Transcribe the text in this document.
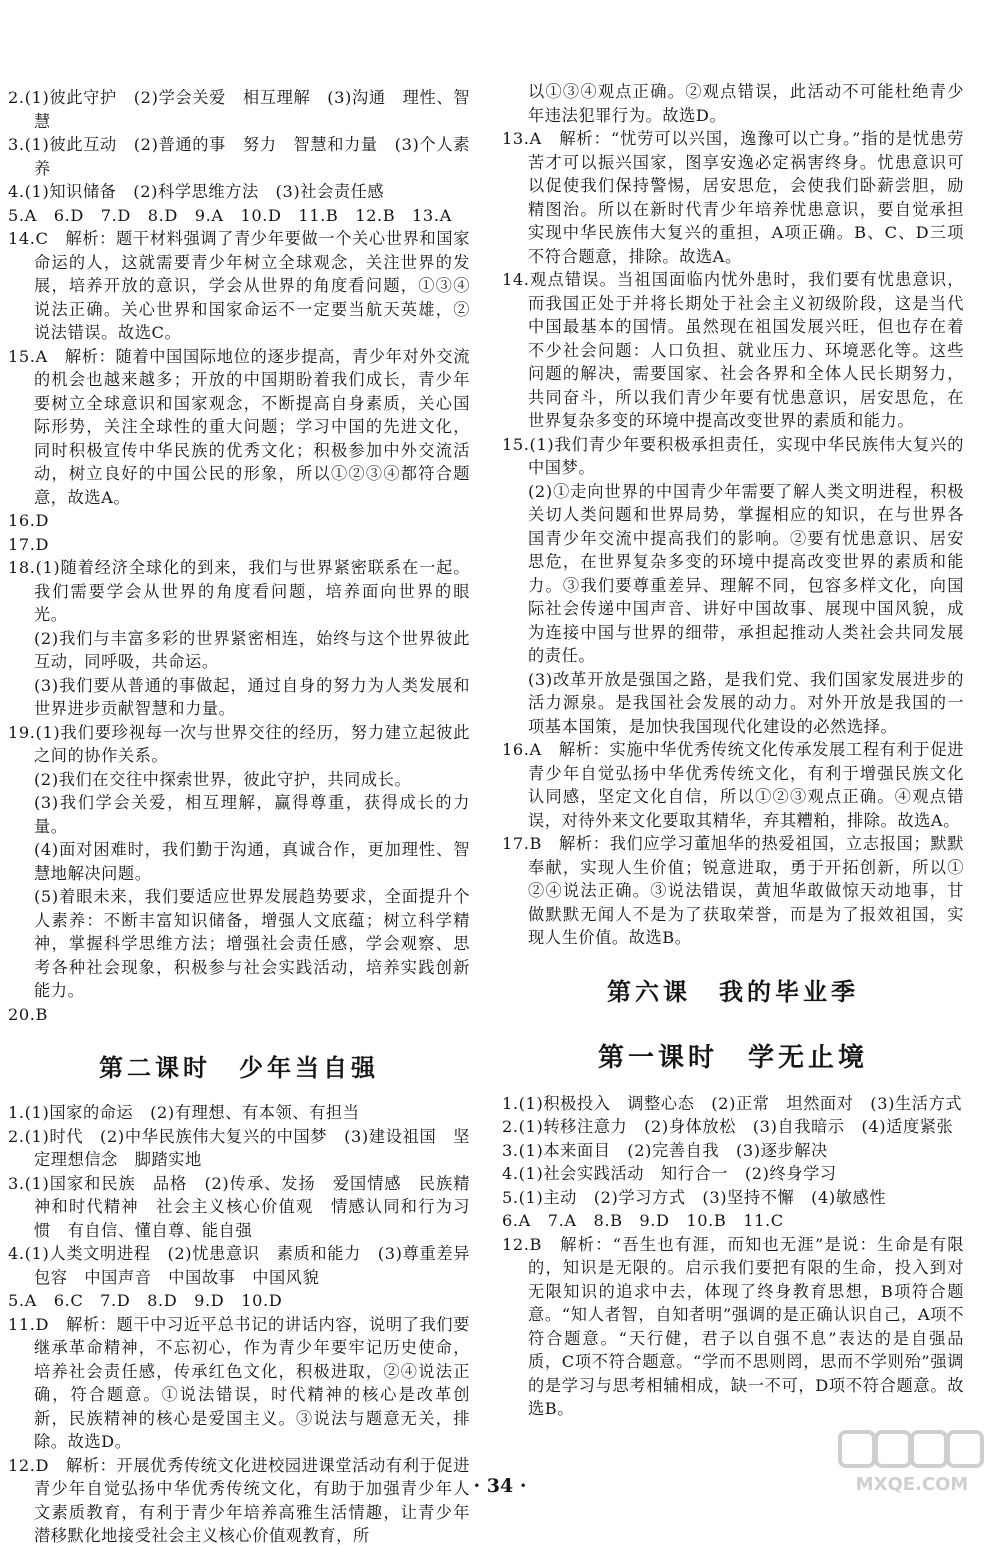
2.(1)彼此守护　(2)学会关爱　相互理解　(3)沟通　理性、智慧
3.(1)彼此互动　(2)普通的事　努力　智慧和力量　(3)个人素养
4.(1)知识储备　(2)科学思维方法　(3)社会责任感
5.A　6.D　7.D　8.D　9.A　10.D　11.B　12.B　13.A
14.C　解析：题干材料强调了青少年要做一个关心世界和国家命运的人，这就需要青少年树立全球观念，关注世界的发展，培养开放的意识，学会从世界的角度看问题，①③④说法正确。关心世界和国家命运不一定要当航天英雄，②说法错误。故选C。
15.A　解析：随着中国国际地位的逐步提高，青少年对外交流的机会也越来越多；开放的中国期盼着我们成长，青少年要树立全球意识和国家观念，不断提高自身素质，关心国际形势，关注全球性的重大问题；学习中国的先进文化，同时积极宣传中华民族的优秀文化；积极参加中外交流活动，树立良好的中国公民的形象，所以①②③④都符合题意，故选A。
16.D
17.D
18.(1)随着经济全球化的到来，我们与世界紧密联系在一起。我们需要学会从世界的角度看问题，培养面向世界的眼光。
(2)我们与丰富多彩的世界紧密相连，始终与这个世界彼此互动，同呼吸，共命运。
(3)我们要从普通的事做起，通过自身的努力为人类发展和世界进步贡献智慧和力量。
19.(1)我们要珍视每一次与世界交往的经历，努力建立起彼此之间的协作关系。
(2)我们在交往中探索世界，彼此守护，共同成长。
(3)我们学会关爱，相互理解，赢得尊重，获得成长的力量。
(4)面对困难时，我们勤于沟通，真诚合作，更加理性、智慧地解决问题。
(5)着眼未来，我们要适应世界发展趋势要求，全面提升个人素养：不断丰富知识储备，增强人文底蕴；树立科学精神，掌握科学思维方法；增强社会责任感，学会观察、思考各种社会现象，积极参与社会实践活动，培养实践创新能力。
20.B
第二课时　少年当自强
1.(1)国家的命运　(2)有理想、有本领、有担当
2.(1)时代　(2)中华民族伟大复兴的中国梦　(3)建设祖国　坚定理想信念　脚踏实地
3.(1)国家和民族　品格　(2)传承、发扬　爱国情感　民族精神和时代精神　社会主义核心价值观　情感认同和行为习惯　有自信、懂自尊、能自强
4.(1)人类文明进程　(2)忧患意识　素质和能力　(3)尊重差异　包容　中国声音　中国故事　中国风貌
5.A　6.C　7.D　8.D　9.D　10.D
11.D　解析：题干中习近平总书记的讲话内容，说明了我们要继承革命精神，不忘初心，作为青少年要牢记历史使命，培养社会责任感，传承红色文化，积极进取，②④说法正确，符合题意。①说法错误，时代精神的核心是改革创新，民族精神的核心是爱国主义。③说法与题意无关，排除。故选D。
12.D　解析：开展优秀传统文化进校园进课堂活动有利于促进青少年自觉弘扬中华优秀传统文化，有助于加强青少年人文素质教育，有利于青少年培养高雅生活情趣，让青少年潜移默化地接受社会主义核心价值观教育，所
以①③④观点正确。②观点错误，此活动不可能杜绝青少年违法犯罪行为。故选D。
13.A　解析：“忧劳可以兴国，逸豫可以亡身。”指的是忧患劳苦才可以振兴国家，图享安逸必定祸害终身。忧患意识可以促使我们保持警惕，居安思危，会使我们卧薪尝胆，励精图治。所以在新时代青少年培养忧患意识，要自觉承担实现中华民族伟大复兴的重担，A项正确。B、C、D三项不符合题意，排除。故选A。
14.观点错误。当祖国面临内忧外患时，我们要有忧患意识，而我国正处于并将长期处于社会主义初级阶段，这是当代中国最基本的国情。虽然现在祖国发展兴旺，但也存在着不少社会问题：人口负担、就业压力、环境恶化等。这些问题的解决，需要国家、社会各界和全体人民长期努力，共同奋斗，所以我们青少年要有忧患意识，居安思危，在世界复杂多变的环境中提高改变世界的素质和能力。
15.(1)我们青少年要积极承担责任，实现中华民族伟大复兴的中国梦。
(2)①走向世界的中国青少年需要了解人类文明进程，积极关切人类问题和世界局势，掌握相应的知识，在与世界各国青少年交流中提高我们的影响。②要有忧患意识、居安思危，在世界复杂多变的环境中提高改变世界的素质和能力。③我们要尊重差异、理解不同，包容多样文化，向国际社会传递中国声音、讲好中国故事、展现中国风貌，成为连接中国与世界的细带，承担起推动人类社会共同发展的责任。
(3)改革开放是强国之路，是我们党、我们国家发展进步的活力源泉。是我国社会发展的动力。对外开放是我国的一项基本国策，是加快我国现代化建设的必然选择。
16.A　解析：实施中华优秀传统文化传承发展工程有利于促进青少年自觉弘扬中华优秀传统文化，有利于增强民族文化认同感，坚定文化自信，所以①②③观点正确。④观点错误，对待外来文化要取其精华，弃其糟粕，排除。故选A。
17.B　解析：我们应学习董旭华的热爱祖国，立志报国；默默奉献，实现人生价值；锐意进取，勇于开拓创新，所以①②④说法正确。③说法错误，黄旭华敢做惊天动地事，甘做默默无闻人不是为了获取荣誉，而是为了报效祖国，实现人生价值。故选B。
第六课　我的毕业季
第一课时　学无止境
1.(1)积极投入　调整心态　(2)正常　坦然面对　(3)生活方式
2.(1)转移注意力　(2)身体放松　(3)自我暗示　(4)适度紧张
3.(1)本来面目　(2)完善自我　(3)逐步解决
4.(1)社会实践活动　知行合一　(2)终身学习
5.(1)主动　(2)学习方式　(3)坚持不懈　(4)敏感性
6.A　7.A　8.B　9.D　10.B　11.C
12.B　解析：“吾生也有涯，而知也无涯”是说：生命是有限的，知识是无限的。启示我们要把有限的生命，投入到对无限知识的追求中去，体现了终身教育思想，B项符合题意。“知人者智，自知者明”强调的是正确认识自己，A项不符合题意。“天行健，君子以自强不息”表达的是自强品质，C项不符合题意。“学而不思则罔，思而不学则殆”强调的是学习与思考相辅相成，缺一不可，D项不符合题意。故选B。
· 34 ·	MXQE.COM
